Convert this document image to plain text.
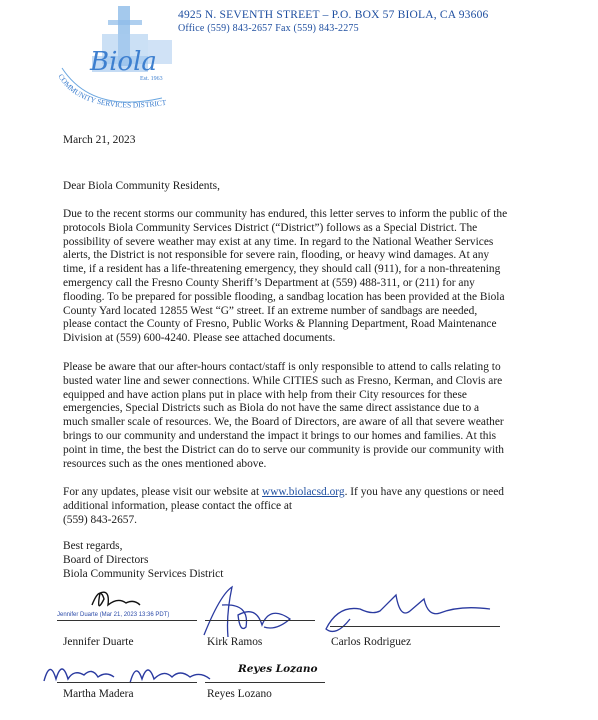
Biola
Est. 1963
COMMUNITY SERVICES DISTRICT
4925 N. SEVENTH STREET – P.O. BOX 57 BIOLA, CA 93606
Office (559) 843-2657 Fax (559) 843-2275
March 21, 2023
Dear Biola Community Residents,
Due to the recent storms our community has endured, this letter serves to inform the public of the
protocols Biola Community Services District (“District”) follows as a Special District. The
possibility of severe weather may exist at any time. In regard to the National Weather Services
alerts, the District is not responsible for severe rain, flooding, or heavy wind damages. At any
time, if a resident has a life-threatening emergency, they should call (911), for a non-threatening
emergency call the Fresno County Sheriff’s Department at (559) 488-311, or (211) for any
flooding. To be prepared for possible flooding, a sandbag location has been provided at the Biola
County Yard located 12855 West “G” street. If an extreme number of sandbags are needed,
please contact the County of Fresno, Public Works & Planning Department, Road Maintenance
Division at (559) 600-4240. Please see attached documents.
Please be aware that our after-hours contact/staff is only responsible to attend to calls relating to
busted water line and sewer connections. While CITIES such as Fresno, Kerman, and Clovis are
equipped and have action plans put in place with help from their City resources for these
emergencies, Special Districts such as Biola do not have the same direct assistance due to a
much smaller scale of resources. We, the Board of Directors, are aware of all that severe weather
brings to our community and understand the impact it brings to our homes and families. At this
point in time, the best the District can do to serve our community is provide our community with
resources such as the ones mentioned above.
For any updates, please visit our website at www.biolacsd.org. If you have any questions or need
additional information, please contact the office at
(559) 843-2657.
Best regards,
Board of Directors
Biola Community Services District
Jennifer Duarte (Mar 21, 2023 13:36 PDT)
Jennifer Duarte	Kirk Ramos	Carlos Rodriguez
Reyes Lozano
Martha Madera	Reyes Lozano
